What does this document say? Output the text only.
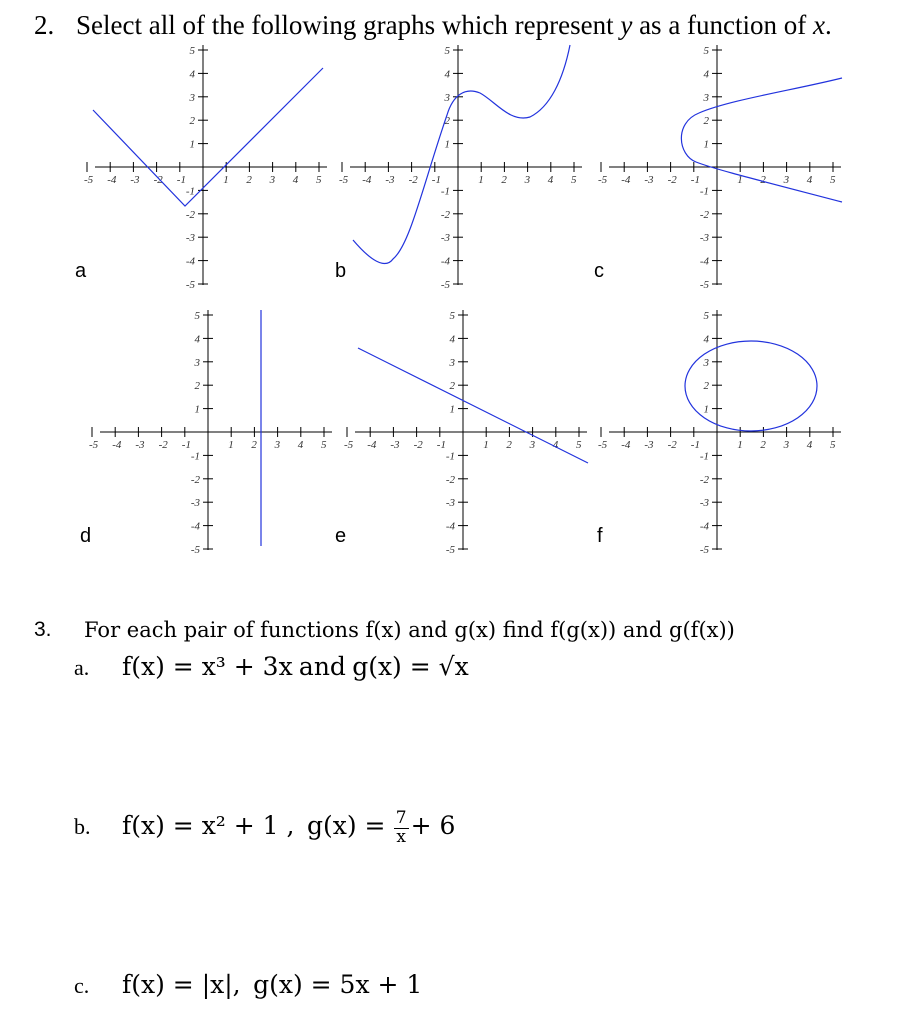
2. Select all of the following graphs which represent y as a function of x.
-5 -4 -3 -2 -1	1 2 3 4 5
5
4
3
2
1
-1
-2
-3
-4
-5
a
-5 -4 -3 -2 -1	1 2 3 4 5
5
4
3
2
1
-1
-2
-3
-4
-5
b
-5 -4 -3 -2 -1	1 2 3 4 5
5
4
3
2
1
-1
-2
-3
-4
-5
c
-5 -4 -3 -2 -1	1 2 3 4 5
5
4
3
2
1
-1
-2
-3
-4
-5
d
-5 -4 -3 -2 -1	1 2 3 4 5
5
4
3
2
1
-1
-2
-3
-4
-5
e
-5 -4 -3 -2 -1	1 2 3 4 5
5
4
3
2
1
-1
-2
-3
-4
-5
f
3. For each pair of functions f(x) and g(x) find f(g(x)) and g(f(x))
a. f(x) = x³ + 3x and g(x) = √x
b. f(x) = x² + 1 , $g(x) = \frac{7}{x} + 6$
c. f(x) = |x|, g(x) = 5x + 1
